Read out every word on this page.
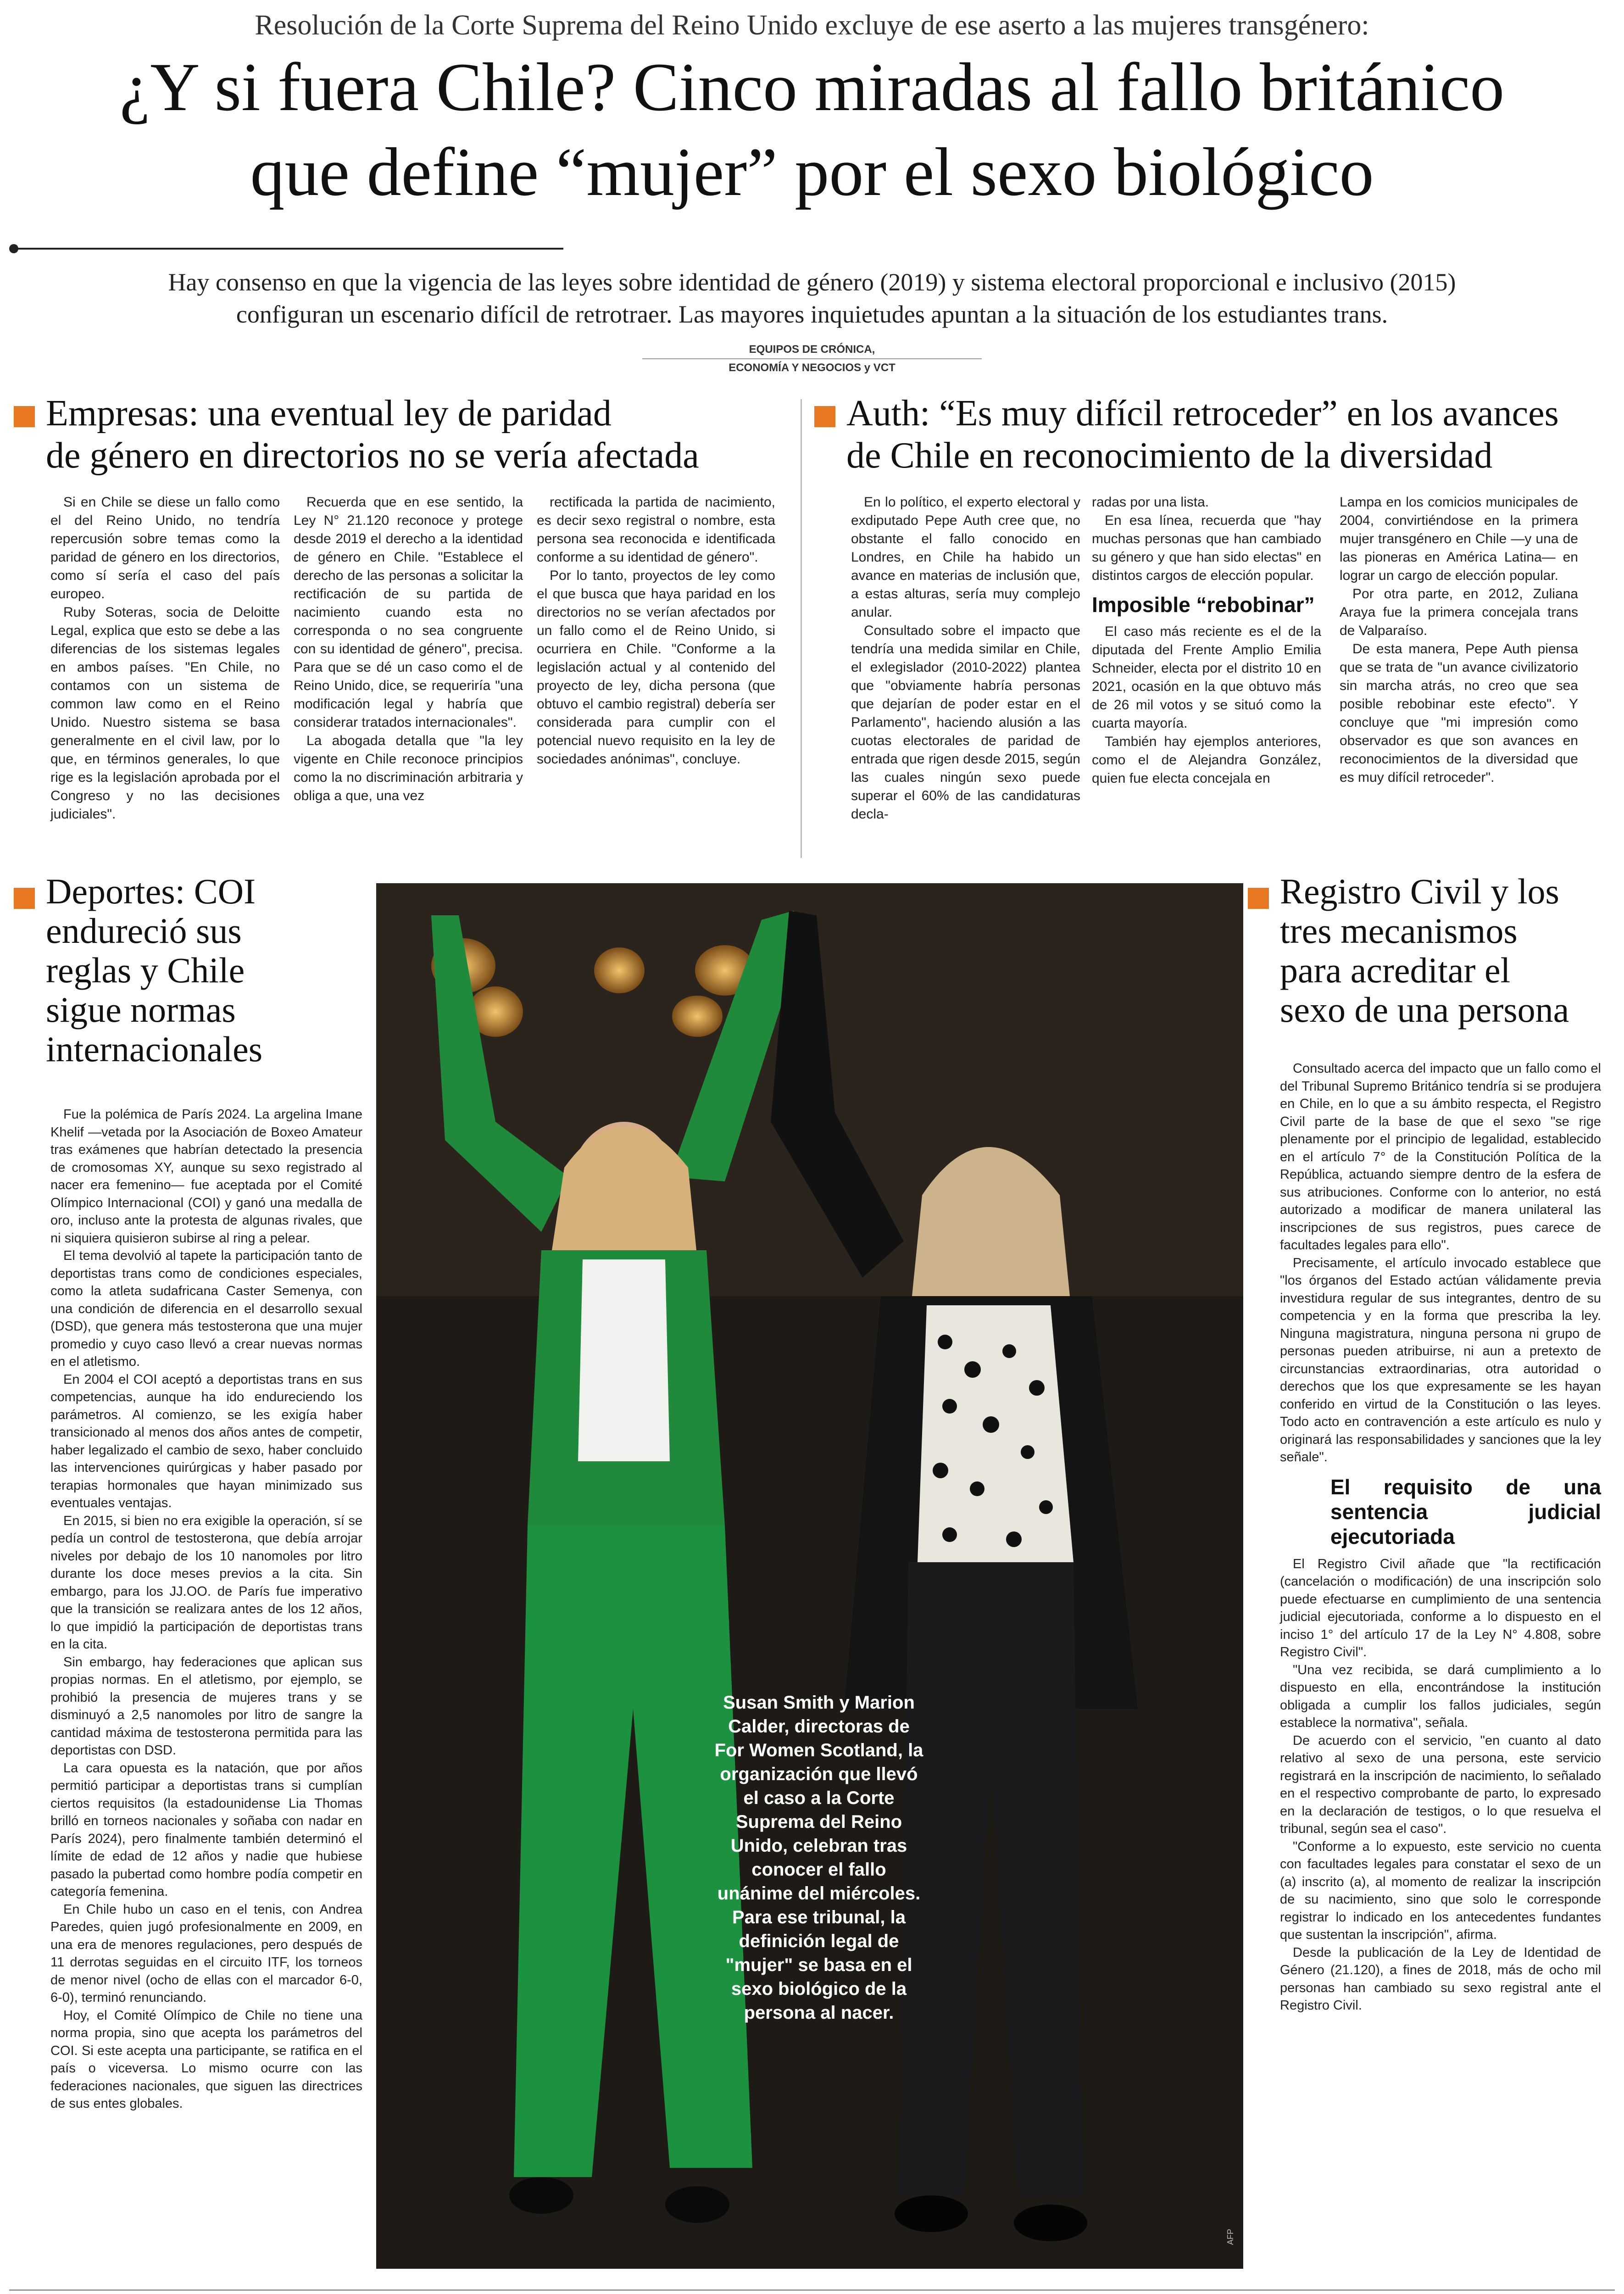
Resolución de la Corte Suprema del Reino Unido excluye de ese aserto a las mujeres transgénero:
¿Y si fuera Chile? Cinco miradas al fallo británico
que define “mujer” por el sexo biológico
Hay consenso en que la vigencia de las leyes sobre identidad de género (2019) y sistema electoral proporcional e inclusivo (2015)
configuran un escenario difícil de retrotraer. Las mayores inquietudes apuntan a la situación de los estudiantes trans.
EQUIPOS DE CRÓNICA,
ECONOMÍA Y NEGOCIOS y VCT
Empresas: una eventual ley de paridad
de género en directorios no se vería afectada

Si en Chile se diese un fallo como el del Reino Unido, no tendría repercusión sobre temas como la paridad de género en los directorios, como sí sería el caso del país europeo.

Ruby Soteras, socia de Deloitte Legal, explica que esto se debe a las diferencias de los sistemas legales en ambos países. "En Chile, no contamos con un sistema de common law como en el Reino Unido. Nuestro sistema se basa generalmente en el civil law, por lo que, en términos generales, lo que rige es la legislación aprobada por el Congreso y no las decisiones judiciales".

Recuerda que en ese sentido, la Ley N° 21.120 reconoce y protege desde 2019 el derecho a la identidad de género en Chile. "Establece el derecho de las personas a solicitar la rectificación de su partida de nacimiento cuando esta no corresponda o no sea congruente con su identidad de género", precisa. Para que se dé un caso como el de Reino Unido, dice, se requeriría "una modificación legal y habría que considerar tratados internacionales".

La abogada detalla que "la ley vigente en Chile reconoce principios como la no discriminación arbitraria y obliga a que, una vez

rectificada la partida de nacimiento, es decir sexo registral o nombre, esta persona sea reconocida e identificada conforme a su identidad de género".

Por lo tanto, proyectos de ley como el que busca que haya paridad en los directorios no se verían afectados por un fallo como el de Reino Unido, si ocurriera en Chile. "Conforme a la legislación actual y al contenido del proyecto de ley, dicha persona (que obtuvo el cambio registral) debería ser considerada para cumplir con el potencial nuevo requisito en la ley de sociedades anónimas", concluye.

Auth: “Es muy difícil retroceder” en los avances
de Chile en reconocimiento de la diversidad

En lo político, el experto electoral y exdiputado Pepe Auth cree que, no obstante el fallo conocido en Londres, en Chile ha habido un avance en materias de inclusión que, a estas alturas, sería muy complejo anular.

Consultado sobre el impacto que tendría una medida similar en Chile, el exlegislador (2010-2022) plantea que "obviamente habría personas que dejarían de poder estar en el Parlamento", haciendo alusión a las cuotas electorales de paridad de entrada que rigen desde 2015, según las cuales ningún sexo puede superar el 60% de las candidaturas decla-

radas por una lista.

En esa línea, recuerda que "hay muchas personas que han cambiado su género y que han sido electas" en distintos cargos de elección popular.

Imposible “rebobinar”

El caso más reciente es el de la diputada del Frente Amplio Emilia Schneider, electa por el distrito 10 en 2021, ocasión en la que obtuvo más de 26 mil votos y se situó como la cuarta mayoría.

También hay ejemplos anteriores, como el de Alejandra González, quien fue electa concejala en

Lampa en los comicios municipales de 2004, convirtiéndose en la primera mujer transgénero en Chile —y una de las pioneras en América Latina— en lograr un cargo de elección popular.

Por otra parte, en 2012, Zuliana Araya fue la primera concejala trans de Valparaíso.

De esta manera, Pepe Auth piensa que se trata de "un avance civilizatorio sin marcha atrás, no creo que sea posible rebobinar este efecto". Y concluye que "mi impresión como observador es que son avances en reconocimientos de la diversidad que es muy difícil retroceder".

Deportes: COI
endureció sus
reglas y Chile
sigue normas
internacionales

Fue la polémica de París 2024. La argelina Imane Khelif —vetada por la Asociación de Boxeo Amateur tras exámenes que habrían detectado la presencia de cromosomas XY, aunque su sexo registrado al nacer era femenino— fue aceptada por el Comité Olímpico Internacional (COI) y ganó una medalla de oro, incluso ante la protesta de algunas rivales, que ni siquiera quisieron subirse al ring a pelear.

El tema devolvió al tapete la participación tanto de deportistas trans como de condiciones especiales, como la atleta sudafricana Caster Semenya, con una condición de diferencia en el desarrollo sexual (DSD), que genera más testosterona que una mujer promedio y cuyo caso llevó a crear nuevas normas en el atletismo.

En 2004 el COI aceptó a deportistas trans en sus competencias, aunque ha ido endureciendo los parámetros. Al comienzo, se les exigía haber transicionado al menos dos años antes de competir, haber legalizado el cambio de sexo, haber concluido las intervenciones quirúrgicas y haber pasado por terapias hormonales que hayan minimizado sus eventuales ventajas.

En 2015, si bien no era exigible la operación, sí se pedía un control de testosterona, que debía arrojar niveles por debajo de los 10 nanomoles por litro durante los doce meses previos a la cita. Sin embargo, para los JJ.OO. de París fue imperativo que la transición se realizara antes de los 12 años, lo que impidió la participación de deportistas trans en la cita.

Sin embargo, hay federaciones que aplican sus propias normas. En el atletismo, por ejemplo, se prohibió la presencia de mujeres trans y se disminuyó a 2,5 nanomoles por litro de sangre la cantidad máxima de testosterona permitida para las deportistas con DSD.

La cara opuesta es la natación, que por años permitió participar a deportistas trans si cumplían ciertos requisitos (la estadounidense Lia Thomas brilló en torneos nacionales y soñaba con nadar en París 2024), pero finalmente también determinó el límite de edad de 12 años y nadie que hubiese pasado la pubertad como hombre podía competir en categoría femenina.

En Chile hubo un caso en el tenis, con Andrea Paredes, quien jugó profesionalmente en 2009, en una era de menores regulaciones, pero después de 11 derrotas seguidas en el circuito ITF, los torneos de menor nivel (ocho de ellas con el marcador 6-0, 6-0), terminó renunciando.

Hoy, el Comité Olímpico de Chile no tiene una norma propia, sino que acepta los parámetros del COI. Si este acepta una participante, se ratifica en el país o viceversa. Lo mismo ocurre con las federaciones nacionales, que siguen las directrices de sus entes globales.

Susan Smith y Marion Calder, directoras de For Women Scotland, la organización que llevó el caso a la Corte Suprema del Reino Unido, celebran tras conocer el fallo unánime del miércoles. Para ese tribunal, la definición legal de "mujer" se basa en el sexo biológico de la persona al nacer.
AFP
Registro Civil y los
tres mecanismos
para acreditar el
sexo de una persona

Consultado acerca del impacto que un fallo como el del Tribunal Supremo Británico tendría si se produjera en Chile, en lo que a su ámbito respecta, el Registro Civil parte de la base de que el sexo "se rige plenamente por el principio de legalidad, establecido en el artículo 7° de la Constitución Política de la República, actuando siempre dentro de la esfera de sus atribuciones. Conforme con lo anterior, no está autorizado a modificar de manera unilateral las inscripciones de sus registros, pues carece de facultades legales para ello".

Precisamente, el artículo invocado establece que "los órganos del Estado actúan válidamente previa investidura regular de sus integrantes, dentro de su competencia y en la forma que prescriba la ley. Ninguna magistratura, ninguna persona ni grupo de personas pueden atribuirse, ni aun a pretexto de circunstancias extraordinarias, otra autoridad o derechos que los que expresamente se les hayan conferido en virtud de la Constitución o las leyes. Todo acto en contravención a este artículo es nulo y originará las responsabilidades y sanciones que la ley señale".

El requisito de una sentencia judicial ejecutoriada

El Registro Civil añade que "la rectificación (cancelación o modificación) de una inscripción solo puede efectuarse en cumplimiento de una sentencia judicial ejecutoriada, conforme a lo dispuesto en el inciso 1° del artículo 17 de la Ley N° 4.808, sobre Registro Civil".

"Una vez recibida, se dará cumplimiento a lo dispuesto en ella, encontrándose la institución obligada a cumplir los fallos judiciales, según establece la normativa", señala.

De acuerdo con el servicio, "en cuanto al dato relativo al sexo de una persona, este servicio registrará en la inscripción de nacimiento, lo señalado en el respectivo comprobante de parto, lo expresado en la declaración de testigos, o lo que resuelva el tribunal, según sea el caso".

"Conforme a lo expuesto, este servicio no cuenta con facultades legales para constatar el sexo de un (a) inscrito (a), al momento de realizar la inscripción de su nacimiento, sino que solo le corresponde registrar lo indicado en los antecedentes fundantes que sustentan la inscripción", afirma.

Desde la publicación de la Ley de Identidad de Género (21.120), a fines de 2018, más de ocho mil personas han cambiado su sexo registral ante el Registro Civil.
